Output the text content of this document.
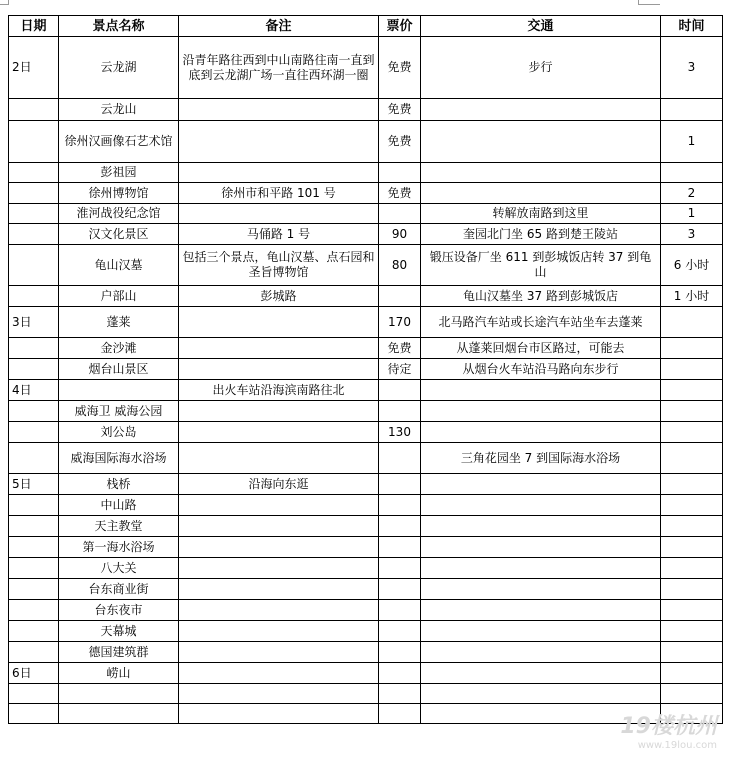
日期	景点名称	备注	票价	交通	时间
2日	云龙湖	沿青年路往西到中山南路往南一直到底到云龙湖广场一直往西环湖一圈	免费	步行	3
	云龙山		免费		
	徐州汉画像石艺术馆		免费		1
	彭祖园				
	徐州博物馆	徐州市和平路 101 号	免费		2
	淮河战役纪念馆			转解放南路到这里	1
	汉文化景区	马俑路 1 号	90	奎园北门坐 65 路到楚王陵站	3
	龟山汉墓	包括三个景点，龟山汉墓、点石园和圣旨博物馆	80	锻压设备厂坐 611 到彭城饭店转 37 到龟山	6 小时
	户部山	彭城路		龟山汉墓坐 37 路到彭城饭店	1 小时
3日	蓬莱		170	北马路汽车站或长途汽车站坐车去蓬莱	
	金沙滩		免费	从蓬莱回烟台市区路过，可能去	
	烟台山景区		待定	从烟台火车站沿马路向东步行	
4日		出火车站沿海滨南路往北			
	威海卫 威海公园				
	刘公岛		130		
	威海国际海水浴场			三角花园坐 7 到国际海水浴场	
5日	栈桥	沿海向东逛			
	中山路				
	天主教堂				
	第一海水浴场				
	八大关				
	台东商业街				
	台东夜市				
	天幕城				
	德国建筑群				
6日	崂山				

19楼杭州
www.19lou.com
